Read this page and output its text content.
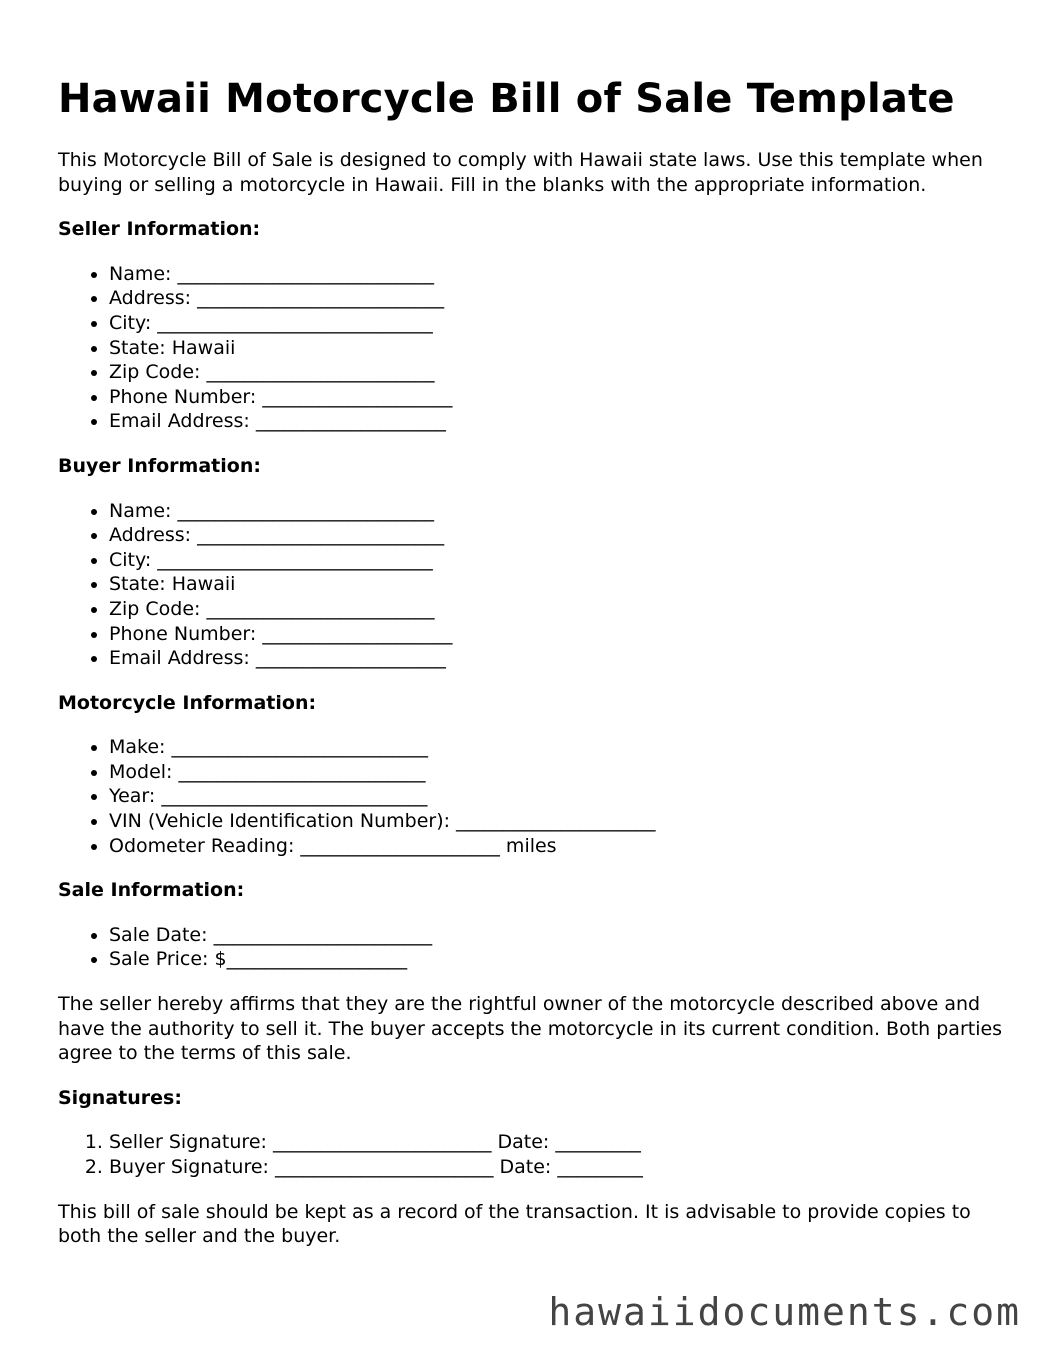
Hawaii Motorcycle Bill of Sale Template

This Motorcycle Bill of Sale is designed to comply with Hawaii state laws. Use this template when buying or selling a motorcycle in Hawaii. Fill in the blanks with the appropriate information.

Seller Information:
• Name: ___________________________
• Address: __________________________
• City: _____________________________
• State: Hawaii
• Zip Code: ________________________
• Phone Number: ____________________
• Email Address: ____________________
Buyer Information:
• Name: ___________________________
• Address: __________________________
• City: _____________________________
• State: Hawaii
• Zip Code: ________________________
• Phone Number: ____________________
• Email Address: ____________________
Motorcycle Information:
• Make: ___________________________
• Model: __________________________
• Year: ____________________________
• VIN (Vehicle Identification Number): _____________________
• Odometer Reading: _____________________ miles
Sale Information:
• Sale Date: _______________________
• Sale Price: $___________________

The seller hereby affirms that they are the rightful owner of the motorcycle described above and have the authority to sell it. The buyer accepts the motorcycle in its current condition. Both parties agree to the terms of this sale.

Signatures:
1. Seller Signature: _______________________ Date: _________
2. Buyer Signature: _______________________ Date: _________

This bill of sale should be kept as a record of the transaction. It is advisable to provide copies to both the seller and the buyer.

hawaiidocuments.com
